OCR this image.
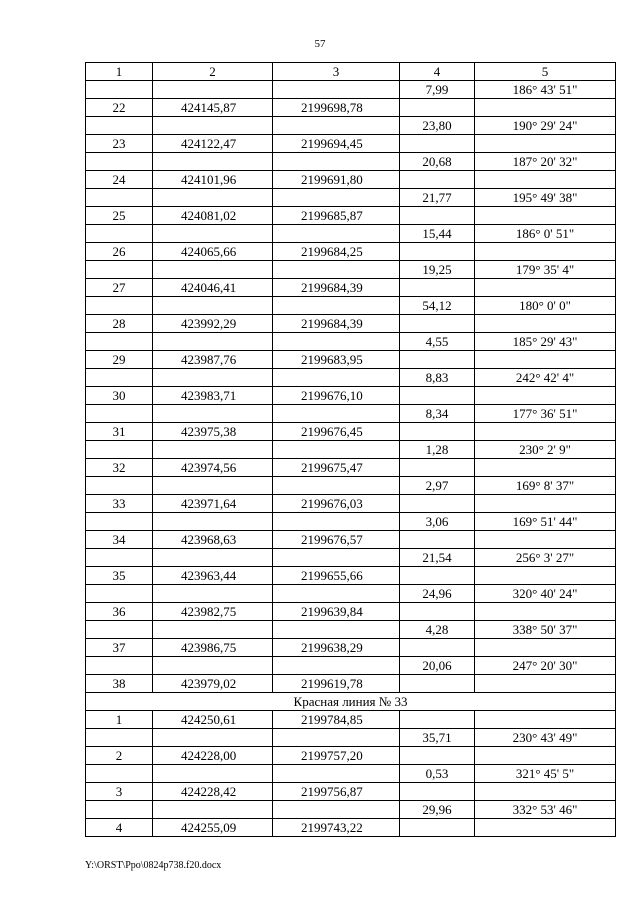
57
1	2	3	4	5
			7,99	186° 43' 51"
22	424145,87	2199698,78		
			23,80	190° 29' 24"
23	424122,47	2199694,45		
			20,68	187° 20' 32"
24	424101,96	2199691,80		
			21,77	195° 49' 38"
25	424081,02	2199685,87		
			15,44	186° 0' 51"
26	424065,66	2199684,25		
			19,25	179° 35' 4"
27	424046,41	2199684,39		
			54,12	180° 0' 0"
28	423992,29	2199684,39		
			4,55	185° 29' 43"
29	423987,76	2199683,95		
			8,83	242° 42' 4"
30	423983,71	2199676,10		
			8,34	177° 36' 51"
31	423975,38	2199676,45		
			1,28	230° 2' 9"
32	423974,56	2199675,47		
			2,97	169° 8' 37"
33	423971,64	2199676,03		
			3,06	169° 51' 44"
34	423968,63	2199676,57		
			21,54	256° 3' 27"
35	423963,44	2199655,66		
			24,96	320° 40' 24"
36	423982,75	2199639,84		
			4,28	338° 50' 37"
37	423986,75	2199638,29		
			20,06	247° 20' 30"
38	423979,02	2199619,78		
Красная линия № 33				
1	424250,61	2199784,85		
			35,71	230° 43' 49"
2	424228,00	2199757,20		
			0,53	321° 45' 5"
3	424228,42	2199756,87		
			29,96	332° 53' 46"
4	424255,09	2199743,22		
Y:\ORST\Ppo\0824p738.f20.docx
